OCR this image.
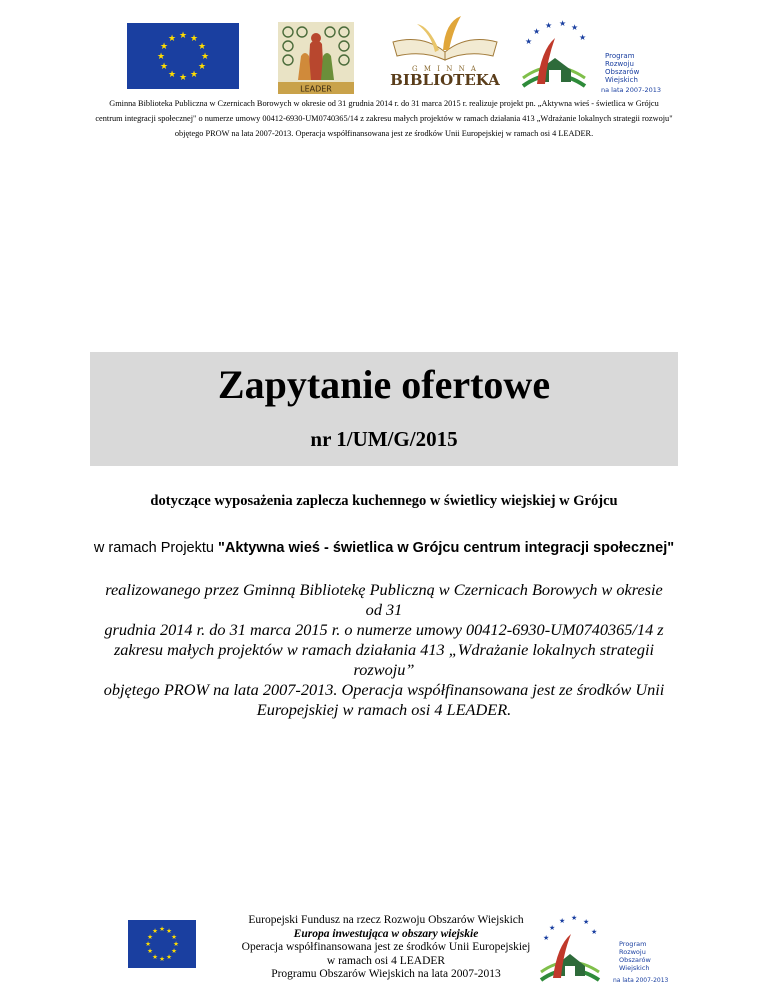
★ ★
★
★
★
★
★
★
★
★
★
★
LEADER
G M I N N A
BIBLIOTEKA
★
★
★ ★ ★
★
Program
Rozwoju
Obszarów
Wiejskich
na lata 2007-2013
Gminna Biblioteka Publiczna w Czernicach Borowych w okresie od 31 grudnia 2014 r. do 31 marca 2015 r. realizuje projekt pn. „Aktywna wieś - świetlica w Grójcu
centrum integracji społecznej" o numerze umowy 00412-6930-UM0740365/14 z zakresu małych projektów w ramach działania 413 „Wdrażanie lokalnych strategii rozwoju"
objętego PROW na lata 2007-2013. Operacja współfinansowana jest ze środków Unii Europejskiej w ramach osi 4 LEADER.
Zapytanie ofertowe
nr 1/UM/G/2015
dotyczące wyposażenia zaplecza kuchennego w świetlicy wiejskiej w Grójcu
w ramach Projektu "Aktywna wieś - świetlica w Grójcu centrum integracji społecznej"
realizowanego przez Gminną Bibliotekę Publiczną w Czernicach Borowych w okresie od 31
grudnia 2014 r. do 31 marca 2015 r. o numerze umowy 00412-6930-UM0740365/14 z
zakresu małych projektów w ramach działania 413 „Wdrażanie lokalnych strategii rozwoju”
objętego PROW na lata 2007-2013. Operacja współfinansowana jest ze środków Unii
Europejskiej w ramach osi 4 LEADER.
★ ★
★
★
★
★
★
★
★
★
★
★
Europejski Fundusz na rzecz Rozwoju Obszarów Wiejskich
Europa inwestująca w obszary wiejskie
Operacja współfinansowana jest ze środków Unii Europejskiej
w ramach osi 4 LEADER
Programu Obszarów Wiejskich na lata 2007-2013
★
★
★ ★ ★
★
Program
Rozwoju
Obszarów
Wiejskich
na lata 2007-2013
